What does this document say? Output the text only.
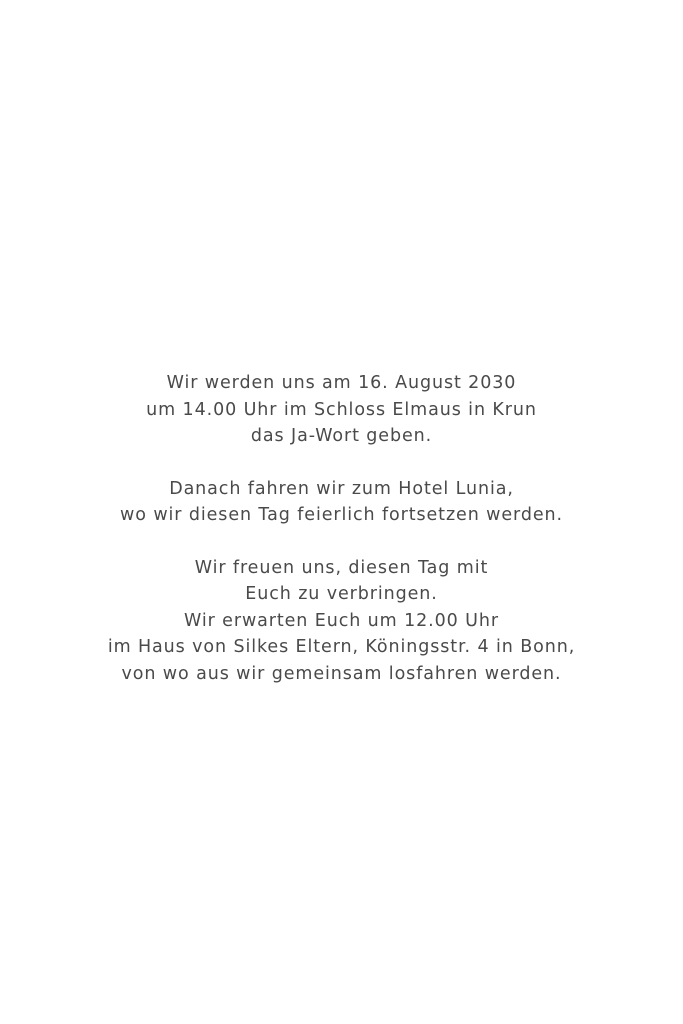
Wir werden uns am 16. August 2030
um 14.00 Uhr im Schloss Elmaus in Krun
das Ja-Wort geben.
Danach fahren wir zum Hotel Lunia,
wo wir diesen Tag feierlich fortsetzen werden.
Wir freuen uns, diesen Tag mit
Euch zu verbringen.
Wir erwarten Euch um 12.00 Uhr
im Haus von Silkes Eltern, Köningsstr. 4 in Bonn,
von wo aus wir gemeinsam losfahren werden.
